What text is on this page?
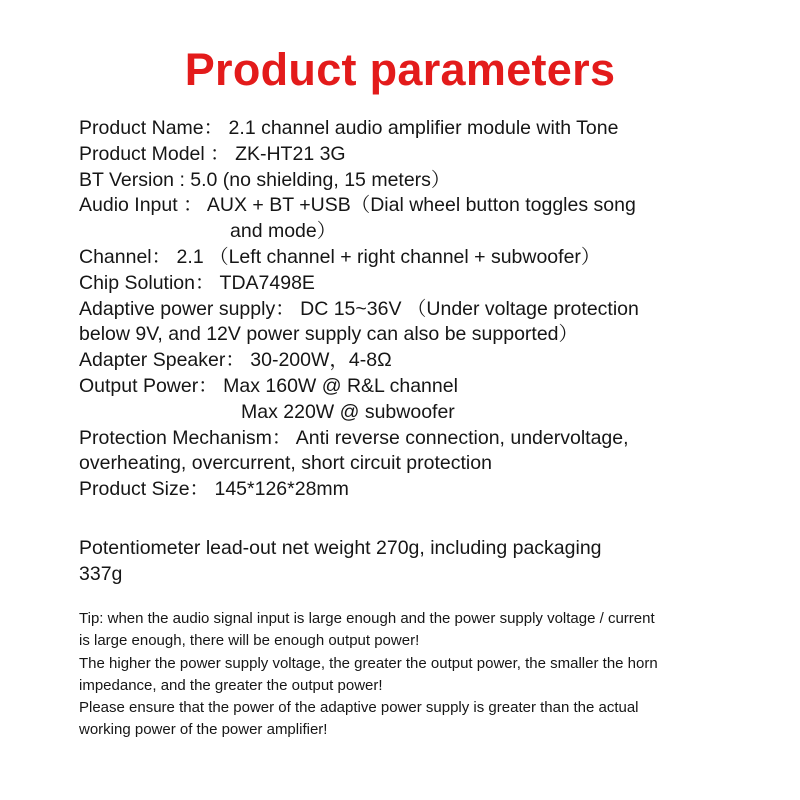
Product parameters
Product Name： 2.1 channel audio amplifier module with Tone
Product Model ： ZK-HT21 3G
BT Version : 5.0 (no shielding, 15 meters）
Audio Input ： AUX + BT +USB（Dial wheel button toggles song
and mode）
Channel： 2.1 （Left channel + right channel + subwoofer）
Chip Solution： TDA7498E
Adaptive power supply： DC 15~36V （Under voltage protection
below 9V, and 12V power supply can also be supported）
Adapter Speaker： 30-200W，4-8Ω
Output Power： Max 160W @ R&L channel
Max 220W @ subwoofer
Protection Mechanism： Anti reverse connection, undervoltage,
overheating, overcurrent, short circuit protection
Product Size： 145*126*28mm
Potentiometer lead-out net weight 270g, including packaging
337g
Tip: when the audio signal input is large enough and the power supply voltage / current
is large enough, there will be enough output power!
The higher the power supply voltage, the greater the output power, the smaller the horn
impedance, and the greater the output power!
Please ensure that the power of the adaptive power supply is greater than the actual
working power of the power amplifier!
